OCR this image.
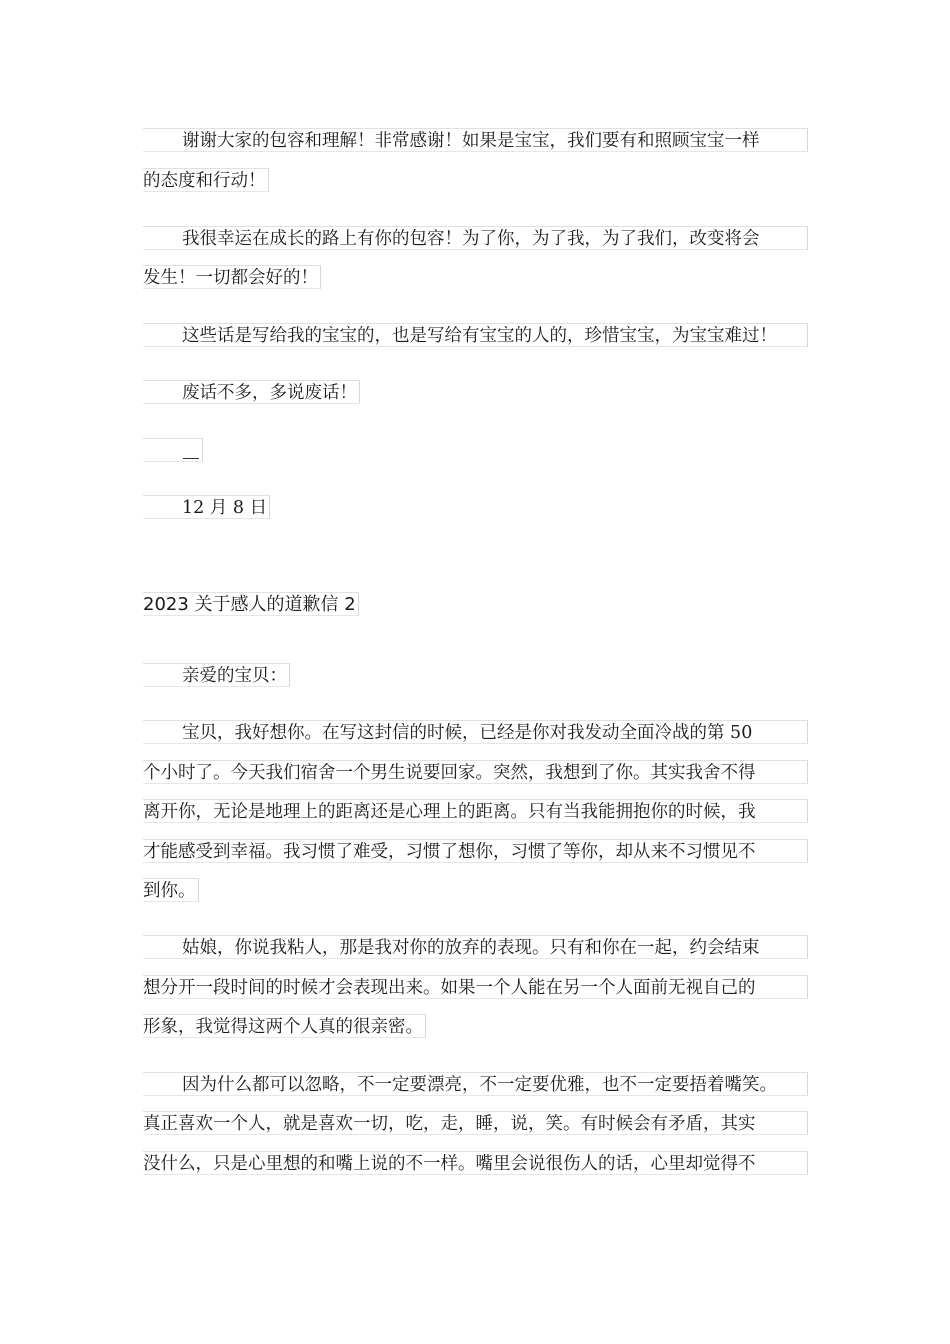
谢谢大家的包容和理解！非常感谢！如果是宝宝，我们要有和照顾宝宝一样
的态度和行动！
我很幸运在成长的路上有你的包容！为了你，为了我，为了我们，改变将会
发生！一切都会好的！
这些话是写给我的宝宝的，也是写给有宝宝的人的，珍惜宝宝，为宝宝难过！
废话不多，多说废话！
12 月 8 日
2023 关于感人的道歉信 2
亲爱的宝贝：
宝贝，我好想你。在写这封信的时候，已经是你对我发动全面冷战的第 50
个小时了。今天我们宿舍一个男生说要回家。突然，我想到了你。其实我舍不得
离开你，无论是地理上的距离还是心理上的距离。只有当我能拥抱你的时候，我
才能感受到幸福。我习惯了难受，习惯了想你，习惯了等你，却从来不习惯见不
到你。
姑娘，你说我粘人，那是我对你的放弃的表现。只有和你在一起，约会结束
想分开一段时间的时候才会表现出来。如果一个人能在另一个人面前无视自己的
形象，我觉得这两个人真的很亲密。
因为什么都可以忽略，不一定要漂亮，不一定要优雅，也不一定要捂着嘴笑。
真正喜欢一个人，就是喜欢一切，吃，走，睡，说，笑。有时候会有矛盾，其实
没什么，只是心里想的和嘴上说的不一样。嘴里会说很伤人的话，心里却觉得不
